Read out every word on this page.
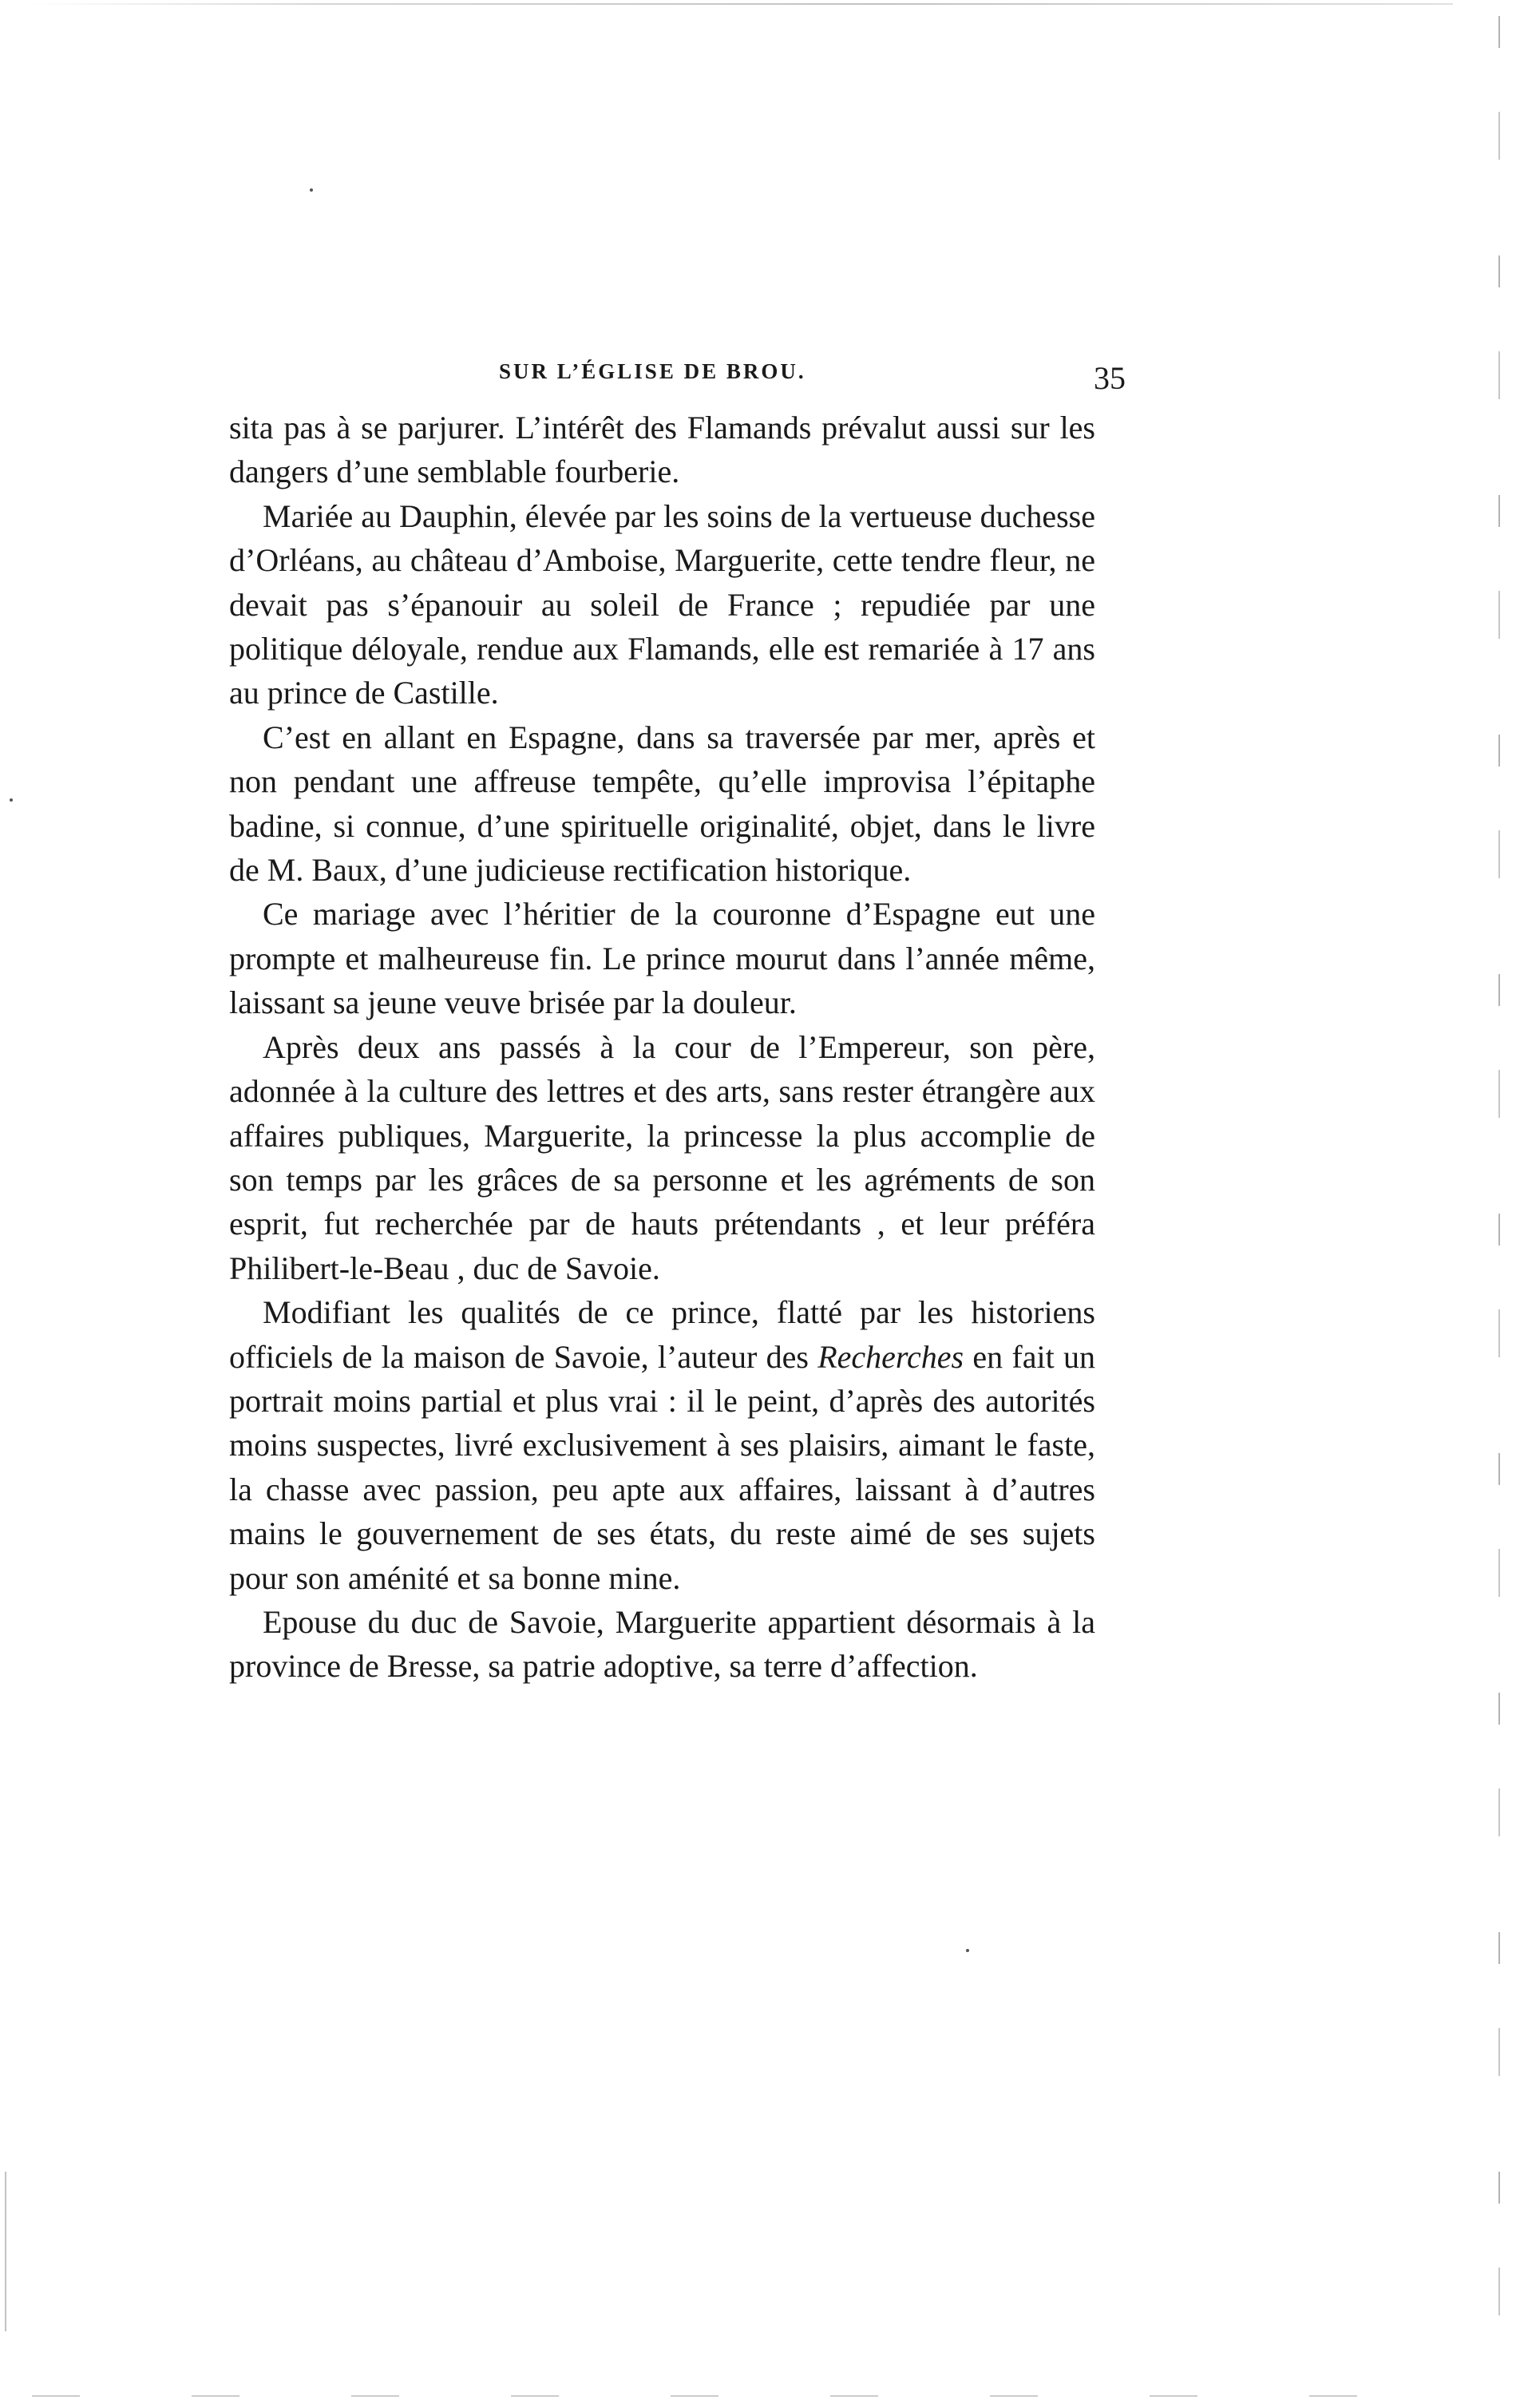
SUR L’ÉGLISE DE BROU.	35

sita pas à se parjurer. L’intérêt des Flamands prévalut aussi sur les dangers d’une semblable fourberie.

Mariée au Dauphin, élevée par les soins de la vertueuse duchesse d’Orléans, au château d’Amboise, Marguerite, cette tendre fleur, ne devait pas s’épanouir au soleil de France ; repudiée par une politique déloyale, rendue aux Flamands, elle est remariée à 17 ans au prince de Castille.

C’est en allant en Espagne, dans sa traversée par mer, après et non pendant une affreuse tempête, qu’elle improvisa l’épitaphe badine, si connue, d’une spirituelle originalité, objet, dans le livre de M. Baux, d’une judicieuse rectification historique.

Ce mariage avec l’héritier de la couronne d’Espagne eut une prompte et malheureuse fin. Le prince mourut dans l’année même, laissant sa jeune veuve brisée par la douleur.

Après deux ans passés à la cour de l’Empereur, son père, adonnée à la culture des lettres et des arts, sans rester étrangère aux affaires publiques, Marguerite, la princesse la plus accomplie de son temps par les grâces de sa personne et les agréments de son esprit, fut recherchée par de hauts prétendants , et leur préféra Philibert-le-Beau , duc de Savoie.

Modifiant les qualités de ce prince, flatté par les historiens officiels de la maison de Savoie, l’auteur des Recherches en fait un portrait moins partial et plus vrai : il le peint, d’après des autorités moins suspectes, livré exclusivement à ses plaisirs, aimant le faste, la chasse avec passion, peu apte aux affaires, laissant à d’autres mains le gouvernement de ses états, du reste aimé de ses sujets pour son aménité et sa bonne mine.

Epouse du duc de Savoie, Marguerite appartient désormais à la province de Bresse, sa patrie adoptive, sa terre d’affection.
